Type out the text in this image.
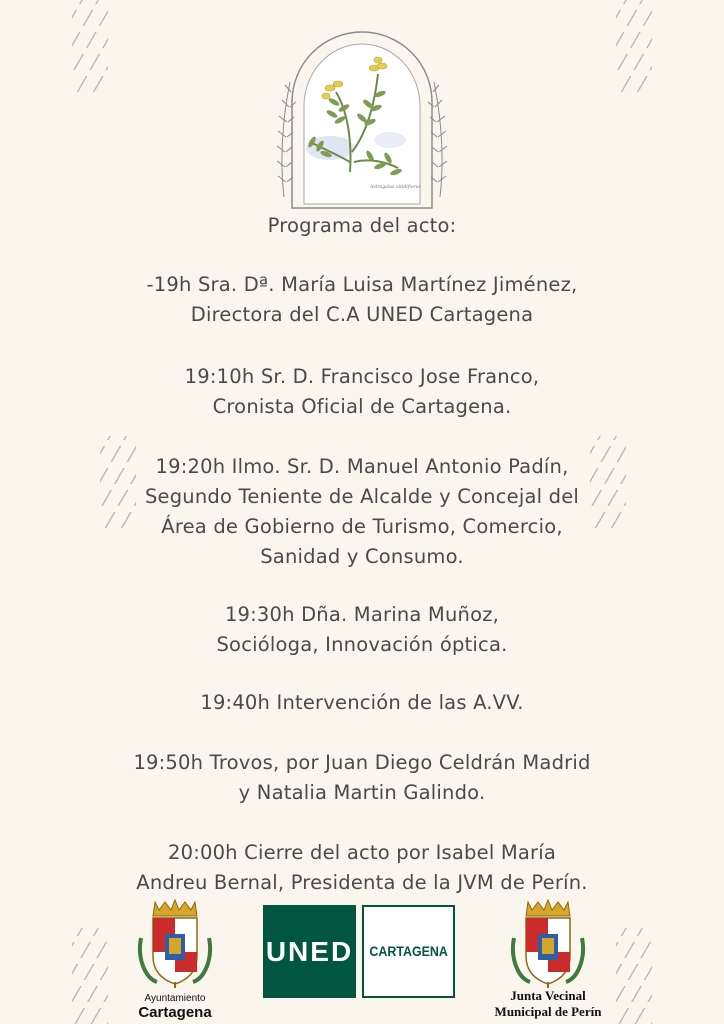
Astragalus nitidiflorus
Programa del acto:
-19h Sra. Dª. María Luisa Martínez Jiménez,
Directora del C.A UNED Cartagena
19:10h Sr. D. Francisco Jose Franco,
Cronista Oficial de Cartagena.
19:20h Ilmo. Sr. D. Manuel Antonio Padín,
Segundo Teniente de Alcalde y Concejal del
Área de Gobierno de Turismo, Comercio,
Sanidad y Consumo.
19:30h Dña. Marina Muñoz,
Socióloga, Innovación óptica.
19:40h Intervención de las A.VV.
19:50h Trovos, por Juan Diego Celdrán Madrid
y Natalia Martin Galindo.
20:00h Cierre del acto por Isabel María
Andreu Bernal, Presidenta de la JVM de Perín.
Ayuntamiento
Cartagena
UNED CARTAGENA
Junta Vecinal
Municipal de Perín
